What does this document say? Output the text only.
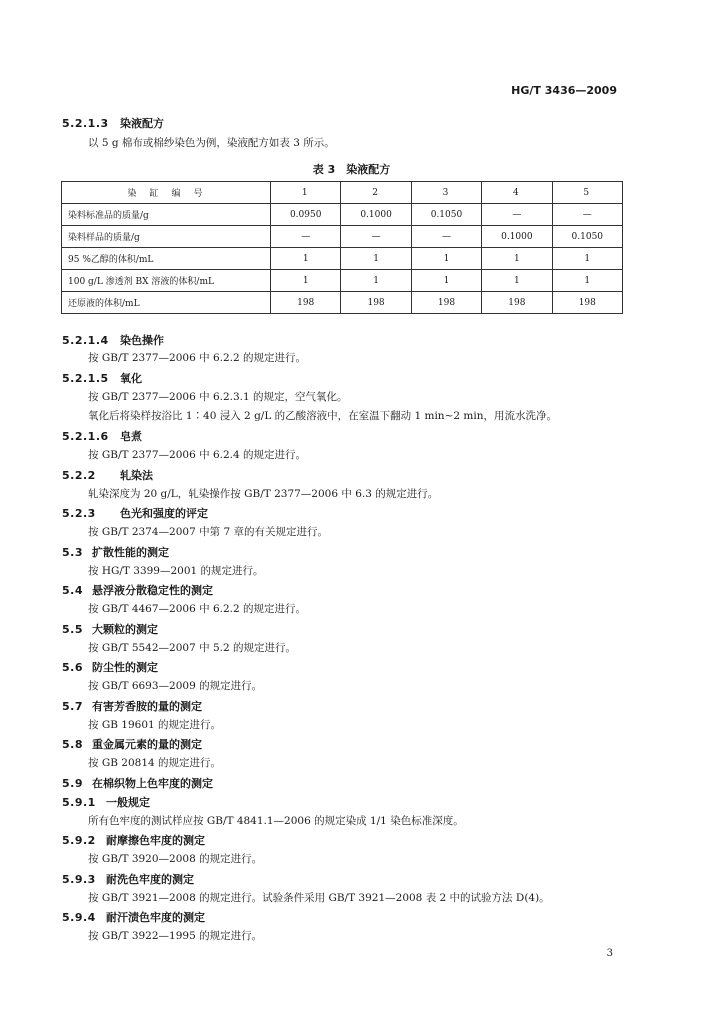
HG/T 3436—2009
5.2.1.3 染液配方
以 5 g 棉布或棉纱染色为例，染液配方如表 3 所示。
表 3　染液配方
染　缸　编　号	1	2	3	4	5
染料标准品的质量/g	0.0950	0.1000	0.1050	—	—
染料样品的质量/g	—	—	—	0.1000	0.1050
95 %乙醇的体积/mL	1	1	1	1	1
100 g/L 渗透剂 BX 溶液的体积/mL	1	1	1	1	1
还原液的体积/mL	198	198	198	198	198
5.2.1.4 染色操作
按 GB/T 2377—2006 中 6.2.2 的规定进行。
5.2.1.5 氧化
按 GB/T 2377—2006 中 6.2.3.1 的规定，空气氧化。
氧化后将染样按浴比 1∶40 浸入 2 g/L 的乙酸溶液中，在室温下翻动 1 min~2 min，用流水洗净。
5.2.1.6 皂煮
按 GB/T 2377—2006 中 6.2.4 的规定进行。
5.2.2 轧染法
轧染深度为 20 g/L，轧染操作按 GB/T 2377—2006 中 6.3 的规定进行。
5.2.3 色光和强度的评定
按 GB/T 2374—2007 中第 7 章的有关规定进行。
5.3 扩散性能的测定
按 HG/T 3399—2001 的规定进行。
5.4 悬浮液分散稳定性的测定
按 GB/T 4467—2006 中 6.2.2 的规定进行。
5.5 大颗粒的测定
按 GB/T 5542—2007 中 5.2 的规定进行。
5.6 防尘性的测定
按 GB/T 6693—2009 的规定进行。
5.7 有害芳香胺的量的测定
按 GB 19601 的规定进行。
5.8 重金属元素的量的测定
按 GB 20814 的规定进行。
5.9 在棉织物上色牢度的测定
5.9.1 一般规定
所有色牢度的测试样应按 GB/T 4841.1—2006 的规定染成 1/1 染色标准深度。
5.9.2 耐摩擦色牢度的测定
按 GB/T 3920—2008 的规定进行。
5.9.3 耐洗色牢度的测定
按 GB/T 3921—2008 的规定进行。试验条件采用 GB/T 3921—2008 表 2 中的试验方法 D(4)。
5.9.4 耐汗渍色牢度的测定
按 GB/T 3922—1995 的规定进行。
3
